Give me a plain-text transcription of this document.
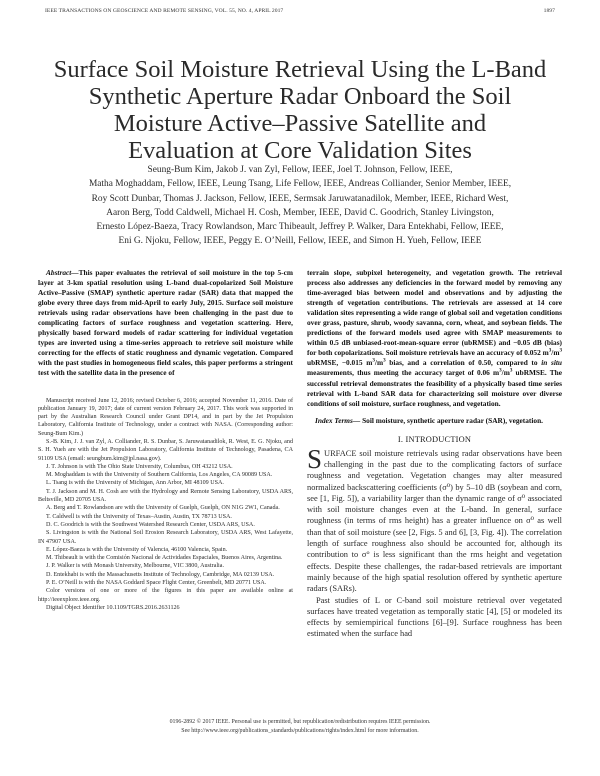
IEEE TRANSACTIONS ON GEOSCIENCE AND REMOTE SENSING, VOL. 55, NO. 4, APRIL 2017	1897
Surface Soil Moisture Retrieval Using the L-Band
Synthetic Aperture Radar Onboard the Soil
Moisture Active–Passive Satellite and
Evaluation at Core Validation Sites
Seung-Bum Kim, Jakob J. van Zyl, Fellow, IEEE, Joel T. Johnson, Fellow, IEEE,
Matha Moghaddam, Fellow, IEEE, Leung Tsang, Life Fellow, IEEE, Andreas Colliander, Senior Member, IEEE,
Roy Scott Dunbar, Thomas J. Jackson, Fellow, IEEE, Sermsak Jaruwatanadilok, Member, IEEE, Richard West,
Aaron Berg, Todd Caldwell, Michael H. Cosh, Member, IEEE, David C. Goodrich, Stanley Livingston,
Ernesto López-Baeza, Tracy Rowlandson, Marc Thibeault, Jeffrey P. Walker, Dara Entekhabi, Fellow, IEEE,
Eni G. Njoku, Fellow, IEEE, Peggy E. O’Neill, Fellow, IEEE, and Simon H. Yueh, Fellow, IEEE

Abstract—This paper evaluates the retrieval of soil moisture in the top 5-cm layer at 3-km spatial resolution using L-band dual-copolarized Soil Moisture Active–Passive (SMAP) synthetic aperture radar (SAR) data that mapped the globe every three days from mid-April to early July, 2015. Surface soil moisture retrievals using radar observations have been challenging in the past due to complicating factors of surface roughness and vegetation scattering. Here, physically based forward models of radar scattering for individual vegetation types are inverted using a time-series approach to retrieve soil moisture while correcting for the effects of static roughness and dynamic vegetation. Compared with the past studies in homogeneous field scales, this paper performs a stringent test with the satellite data in the presence of

Manuscript received June 12, 2016; revised October 6, 2016; accepted November 11, 2016. Date of publication January 19, 2017; date of current version February 24, 2017. This work was supported in part by the Australian Research Council under Grant DP14, and in part by the Jet Propulsion Laboratory, California Institute of Technology, under a contract with NASA. (Corresponding author: Seung-Bum Kim.)

S.-B. Kim, J. J. van Zyl, A. Colliander, R. S. Dunbar, S. Jaruwatanadilok, R. West, E. G. Njoku, and S. H. Yueh are with the Jet Propulsion Laboratory, California Institute of Technology, Pasadena, CA 91109 USA (email: seungbum.kim@jpl.nasa.gov).

J. T. Johnson is with The Ohio State University, Columbus, OH 43212 USA.

M. Moghaddam is with the University of Southern California, Los Angeles, CA 90089 USA.

L. Tsang is with the University of Michigan, Ann Arbor, MI 48109 USA.

T. J. Jackson and M. H. Cosh are with the Hydrology and Remote Sensing Laboratory, USDA ARS, Beltsville, MD 20705 USA.

A. Berg and T. Rowlandson are with the University of Guelph, Guelph, ON N1G 2W1, Canada.

T. Caldwell is with the University of Texas–Austin, Austin, TX 78713 USA.

D. C. Goodrich is with the Southwest Watershed Research Center, USDA ARS, USA.

S. Livingston is with the National Soil Erosion Research Laboratory, USDA ARS, West Lafayette, IN 47907 USA.

E. López-Baeza is with the University of Valencia, 46100 Valencia, Spain.

M. Thibeault is with the Comisión Nacional de Actividades Espaciales, Buenos Aires, Argentina.

J. P. Walker is with Monash University, Melbourne, VIC 3800, Australia.

D. Entekhabi is with the Massachusetts Institute of Technology, Cambridge, MA 02139 USA.

P. E. O’Neill is with the NASA Goddard Space Flight Center, Greenbelt, MD 20771 USA.

Color versions of one or more of the figures in this paper are available online at http://ieeexplore.ieee.org.

Digital Object Identifier 10.1109/TGRS.2016.2631126

terrain slope, subpixel heterogeneity, and vegetation growth. The retrieval process also addresses any deficiencies in the forward model by removing any time-averaged bias between model and observations and by adjusting the strength of vegetation contributions. The retrievals are assessed at 14 core validation sites representing a wide range of global soil and vegetation conditions over grass, pasture, shrub, woody savanna, corn, wheat, and soybean fields. The predictions of the forward models used agree with SMAP measurements to within 0.5 dB unbiased-root-mean-square error (ubRMSE) and −0.05 dB (bias) for both copolarizations. Soil moisture retrievals have an accuracy of 0.052 $m^3/m^3$ ubRMSE, −0.015 $m^3/m^3$ bias, and a correlation of 0.50, compared to in situ measurements, thus meeting the accuracy target of 0.06 $m^3/m^3$ ubRMSE. The successful retrieval demonstrates the feasibility of a physically based time series retrieval with L-band SAR data for characterizing soil moisture over diverse conditions of soil moisture, surface roughness, and vegetation.

Index Terms— Soil moisture, synthetic aperture radar (SAR), vegetation.

I. INTRODUCTION

SURFACE soil moisture retrievals using radar observations have been challenging in the past due to the complicating factors of surface roughness and vegetation. Vegetation changes may alter measured normalized backscattering coefficients (σ⁰) by 5–10 dB (soybean and corn, see [1, Fig. 5]), a variability larger than the dynamic range of σ⁰ associated with soil moisture changes even at the L-band. In general, surface roughness (in terms of rms height) has a greater influence on σ⁰ as well than that of soil moisture (see [2, Figs. 5 and 6], [3, Fig. 4]). The correlation length of surface roughness also should be accounted for, although its contribution to σ° is less significant than the rms height and vegetation effects. Despite these challenges, the radar-based retrievals are important mainly because of the high spatial resolution offered by synthetic aperture radars (SARs).

Past studies of L or C-band soil moisture retrieval over vegetated surfaces have treated vegetation as temporally static [4], [5] or modeled its effects by semiempirical functions [6]–[9]. Surface roughness has been estimated when the surface had

0196-2892 © 2017 IEEE. Personal use is permitted, but republication/redistribution requires IEEE permission.
See http://www.ieee.org/publications_standards/publications/rights/index.html for more information.
